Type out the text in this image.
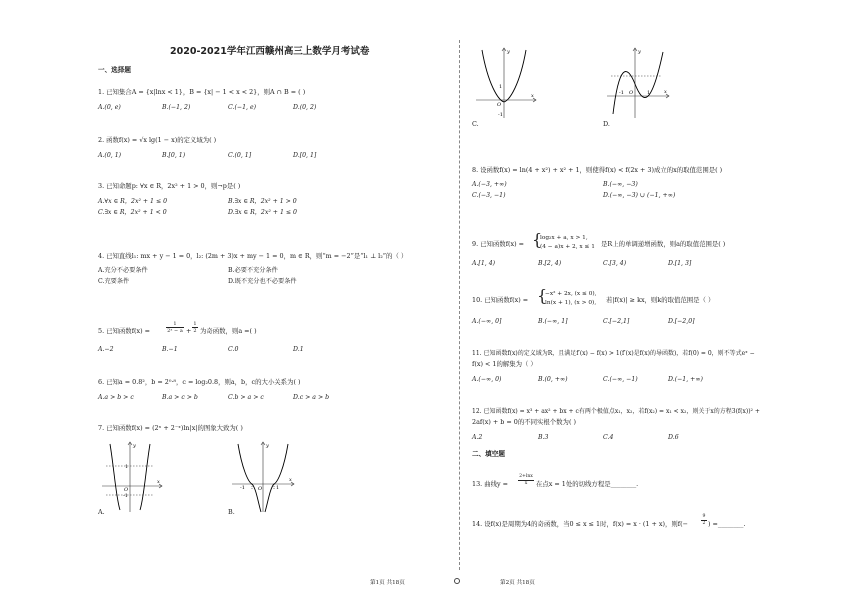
2020-2021学年江西赣州高三上数学月考试卷
一、选择题
1. 已知集合A = {x|lnx < 1}，B = {x| − 1 < x < 2}，则A ∩ B = ( )
A.(0, e)	B.(−1, 2)	C.(−1, e)	D.(0, 2)
2. 函数f(x) = √x lg(1 − x)的定义域为( )
A.(0, 1)	B.[0, 1)	C.(0, 1]	D.[0, 1]
3. 已知命题p: ∀x ∈ R，2x² + 1 > 0，则¬p是( )
A.∀x ∈ R，2x² + 1 ≤ 0	B.∃x ∈ R，2x² + 1 > 0
C.∃x ∈ R，2x² + 1 < 0	D.∃x ∈ R，2x² + 1 ≤ 0
4. 已知直线l₁: mx + y − 1 = 0，l₂: (2m + 3)x + my − 1 = 0，m ∈ R，则“m = −2”是“l₁ ⊥ l₂”的（ ）
A.充分不必要条件	B.必要不充分条件
C.充要条件	D.既不充分也不必要条件
5. 已知函数f(x) =	$\frac{1}{\text{2ˣ − a}} + \frac{1}{2}$ 为奇函数，则a =( )
A.−2	B.−1	C.0	D.1
6. 已知a = 0.8²，b = 2⁰·⁸，c = log₂0.8，则a，b，c的大小关系为( )
A.a > b > c	B.a > c > b	C.b > a > c	D.c > a > b
7. 已知函数f(x) = (2ˣ + 2⁻ˣ)ln|x|的图象大致为( )
y
x
1
-1
O
A.
y
x
-1	1
O
B.
第1页 共18页
y
x
1
-1
O
C.
y
x
-1	1
O
D.
8. 设函数f(x) = ln(4 + x²) + x² + 1，则使得f(x) < f(2x + 3)成立的x的取值范围是( )
A.(−3, +∞)	B.(−∞, −3)
C.(−3, −1)	D.(−∞, −3) ∪ (−1, +∞)
9. 已知函数f(x) = {
log₂x + a, x > 1,
(4 − a)x + 2, x ≤ 1 是R上的单调递增函数，则a的取值范围是( )
A.[1, 4)	B.[2, 4)	C.[3, 4)	D.[1, 3]
10. 已知函数f(x) = {
−x² + 2x, (x ≤ 0),
ln(x + 1), (x > 0), 若|f(x)| ≥ kx，则k的取值范围是（ ）
A.(−∞, 0]	B.(−∞, 1]	C.[−2,1]	D.[−2,0]
11. 已知函数f(x)的定义域为R，且满足f′(x) − f(x) > 1(f′(x)是f(x)的导函数)，若f(0) = 0，则不等式eˣ −
f(x) < 1的解集为（ ）
A.(−∞, 0)	B.(0, +∞)	C.(−∞, −1)	D.(−1, +∞)
12. 已知函数f(x) = x³ + ax² + bx + c有两个极值点x₁，x₂，若f(x₂) = x₁ < x₂，则关于x的方程3(f(x))² +
2af(x) + b = 0的不同实根个数为( )
A.2	B.3	C.4	D.6
二、填空题
13. 曲线$y = \frac{2+\ln x}{x}$ 在点x = 1处的切线方程是________.
14. 设f(x)是周期为4的奇函数，当0 ≤ x ≤ 1时，f(x) = x · (1 + x)，则f(−	$\frac{9}{2}$ ) =________.
第2页 共18页
